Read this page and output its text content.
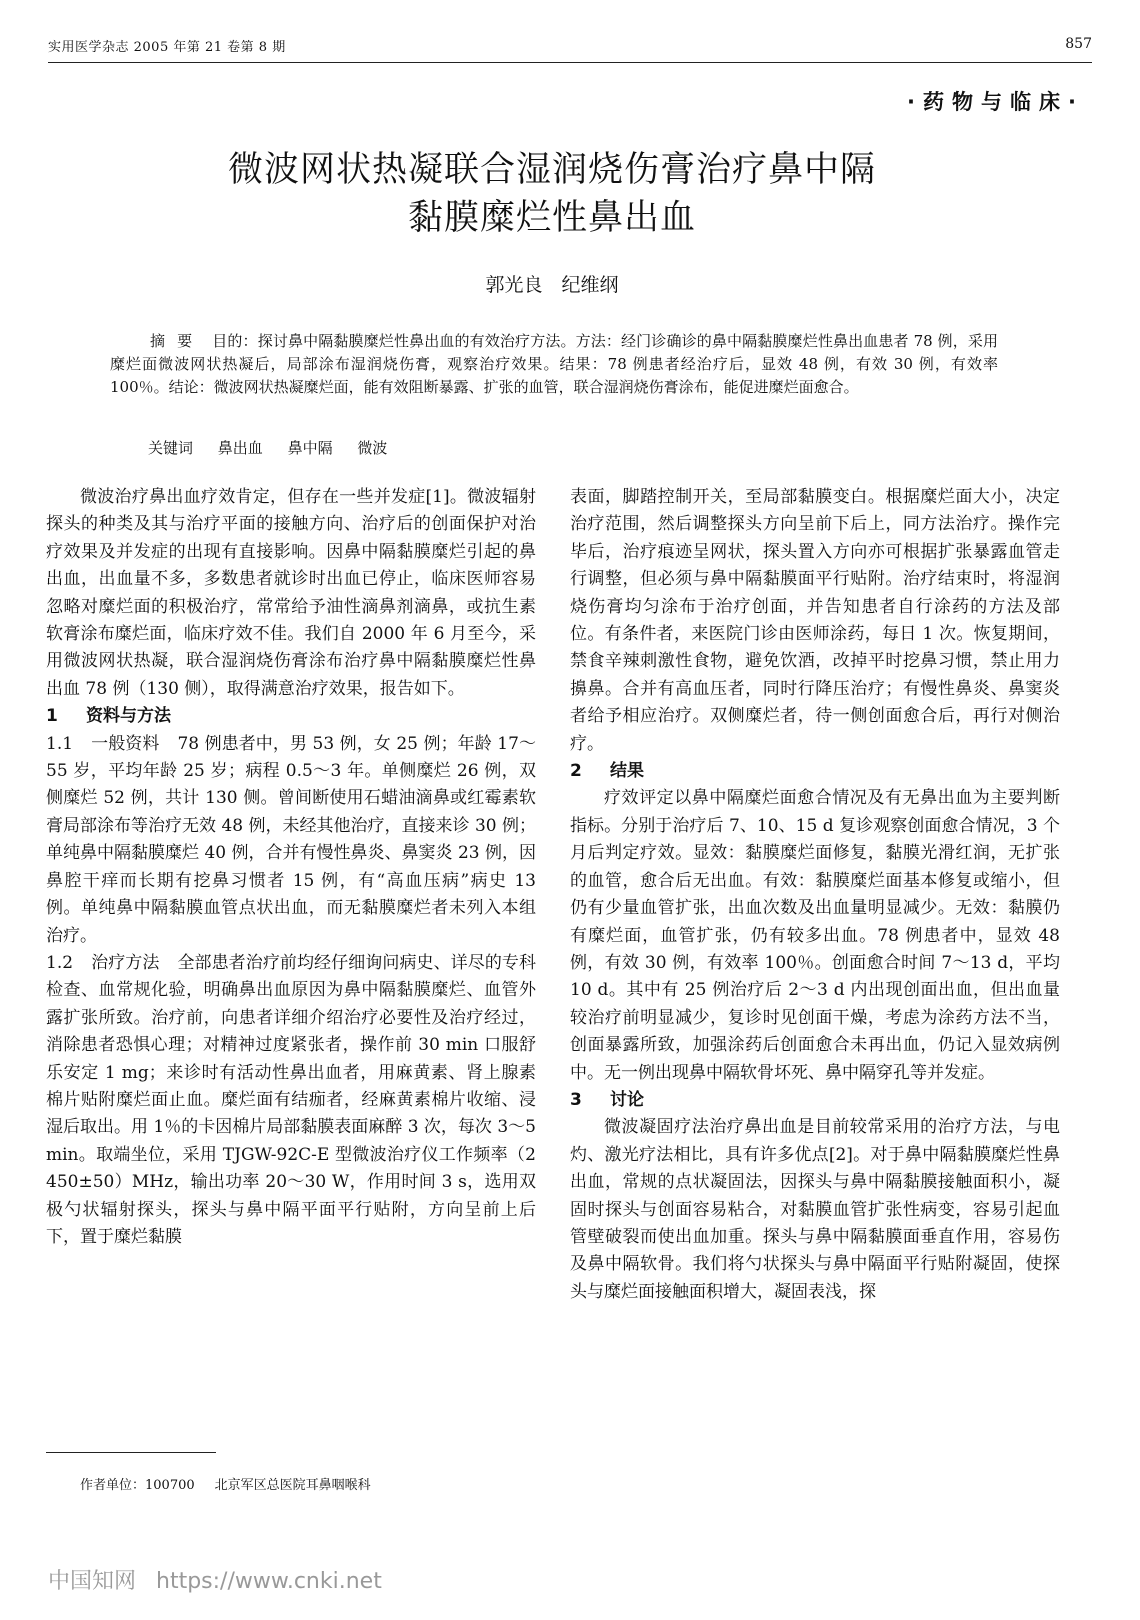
实用医学杂志 2005 年第 21 卷第 8 期	857
·药物与临床·
微波网状热凝联合湿润烧伤膏治疗鼻中隔
黏膜糜烂性鼻出血
郭光良　纪维纲
摘要 目的：探讨鼻中隔黏膜糜烂性鼻出血的有效治疗方法。方法：经门诊确诊的鼻中隔黏膜糜烂性鼻出血患者 78 例，采用糜烂面微波网状热凝后，局部涂布湿润烧伤膏，观察治疗效果。结果：78 例患者经治疗后，显效 48 例，有效 30 例，有效率 100％。结论：微波网状热凝糜烂面，能有效阻断暴露、扩张的血管，联合湿润烧伤膏涂布，能促进糜烂面愈合。
关键词 鼻出血 鼻中隔 微波

微波治疗鼻出血疗效肯定，但存在一些并发症[1]。微波辐射探头的种类及其与治疗平面的接触方向、治疗后的创面保护对治疗效果及并发症的出现有直接影响。因鼻中隔黏膜糜烂引起的鼻出血，出血量不多，多数患者就诊时出血已停止，临床医师容易忽略对糜烂面的积极治疗，常常给予油性滴鼻剂滴鼻，或抗生素软膏涂布糜烂面，临床疗效不佳。我们自 2000 年 6 月至今，采用微波网状热凝，联合湿润烧伤膏涂布治疗鼻中隔黏膜糜烂性鼻出血 78 例（130 侧），取得满意治疗效果，报告如下。

1 资料与方法

1.1 一般资料 78 例患者中，男 53 例，女 25 例；年龄 17～55 岁，平均年龄 25 岁；病程 0.5～3 年。单侧糜烂 26 例，双侧糜烂 52 例，共计 130 侧。曾间断使用石蜡油滴鼻或红霉素软膏局部涂布等治疗无效 48 例，未经其他治疗，直接来诊 30 例；单纯鼻中隔黏膜糜烂 40 例，合并有慢性鼻炎、鼻窦炎 23 例，因鼻腔干痒而长期有挖鼻习惯者 15 例，有“高血压病”病史 13 例。单纯鼻中隔黏膜血管点状出血，而无黏膜糜烂者未列入本组治疗。

1.2 治疗方法 全部患者治疗前均经仔细询问病史、详尽的专科检查、血常规化验，明确鼻出血原因为鼻中隔黏膜糜烂、血管外露扩张所致。治疗前，向患者详细介绍治疗必要性及治疗经过，消除患者恐惧心理；对精神过度紧张者，操作前 30 min 口服舒乐安定 1 mg；来诊时有活动性鼻出血者，用麻黄素、肾上腺素棉片贴附糜烂面止血。糜烂面有结痂者，经麻黄素棉片收缩、浸湿后取出。用 1％的卡因棉片局部黏膜表面麻醉 3 次，每次 3～5 min。取端坐位，采用 TJGW-92C-E 型微波治疗仪工作频率（2 450±50）MHz，输出功率 20～30 W，作用时间 3 s，选用双极勺状辐射探头，探头与鼻中隔平面平行贴附，方向呈前上后下，置于糜烂黏膜

表面，脚踏控制开关，至局部黏膜变白。根据糜烂面大小，决定治疗范围，然后调整探头方向呈前下后上，同方法治疗。操作完毕后，治疗痕迹呈网状，探头置入方向亦可根据扩张暴露血管走行调整，但必须与鼻中隔黏膜面平行贴附。治疗结束时，将湿润烧伤膏均匀涂布于治疗创面，并告知患者自行涂药的方法及部位。有条件者，来医院门诊由医师涂药，每日 1 次。恢复期间，禁食辛辣刺激性食物，避免饮酒，改掉平时挖鼻习惯，禁止用力擤鼻。合并有高血压者，同时行降压治疗；有慢性鼻炎、鼻窦炎者给予相应治疗。双侧糜烂者，待一侧创面愈合后，再行对侧治疗。

2 结果

疗效评定以鼻中隔糜烂面愈合情况及有无鼻出血为主要判断指标。分别于治疗后 7、10、15 d 复诊观察创面愈合情况，3 个月后判定疗效。显效：黏膜糜烂面修复，黏膜光滑红润，无扩张的血管，愈合后无出血。有效：黏膜糜烂面基本修复或缩小，但仍有少量血管扩张，出血次数及出血量明显减少。无效：黏膜仍有糜烂面，血管扩张，仍有较多出血。78 例患者中，显效 48 例，有效 30 例，有效率 100％。创面愈合时间 7～13 d，平均 10 d。其中有 25 例治疗后 2～3 d 内出现创面出血，但出血量较治疗前明显减少，复诊时见创面干燥，考虑为涂药方法不当，创面暴露所致，加强涂药后创面愈合未再出血，仍记入显效病例中。无一例出现鼻中隔软骨坏死、鼻中隔穿孔等并发症。

3 讨论

微波凝固疗法治疗鼻出血是目前较常采用的治疗方法，与电灼、激光疗法相比，具有许多优点[2]。对于鼻中隔黏膜糜烂性鼻出血，常规的点状凝固法，因探头与鼻中隔黏膜接触面积小，凝固时探头与创面容易粘合，对黏膜血管扩张性病变，容易引起血管壁破裂而使出血加重。探头与鼻中隔黏膜面垂直作用，容易伤及鼻中隔软骨。我们将勺状探头与鼻中隔面平行贴附凝固，使探头与糜烂面接触面积增大，凝固表浅，探

作者单位：100700 北京军区总医院耳鼻咽喉科
中国知网 https://www.cnki.net
